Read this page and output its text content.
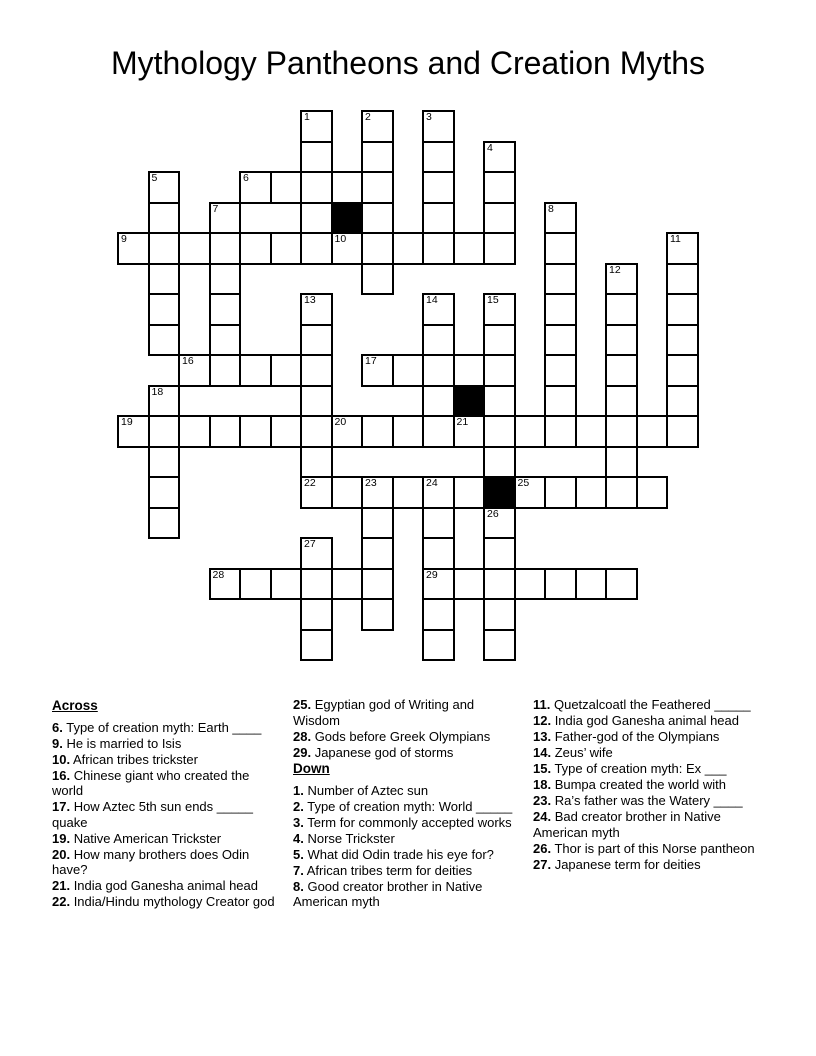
Mythology Pantheons and Creation Myths
1	2	3
4
5	6
7	8
9	10	11
12
13	14	15
16	17
18
19	20	21
22	23	24	25
26
27
28	29
Across
6. Type of creation myth: Earth ____
9. He is married to Isis
10. African tribes trickster
16. Chinese giant who created the world
17. How Aztec 5th sun ends _____ quake
19. Native American Trickster
20. How many brothers does Odin have?
21. India god Ganesha animal head
22. India/Hindu mythology Creator god
25. Egyptian god of Writing and Wisdom
28. Gods before Greek Olympians
29. Japanese god of storms
Down
1. Number of Aztec sun
2. Type of creation myth: World _____
3. Term for commonly accepted works
4. Norse Trickster
5. What did Odin trade his eye for?
7. African tribes term for deities
8. Good creator brother in Native American myth
11. Quetzalcoatl the Feathered _____
12. India god Ganesha animal head
13. Father-god of the Olympians
14. Zeus’ wife
15. Type of creation myth: Ex ___
18. Bumpa created the world with
23. Ra’s father was the Watery ____
24. Bad creator brother in Native American myth
26. Thor is part of this Norse pantheon
27. Japanese term for deities
